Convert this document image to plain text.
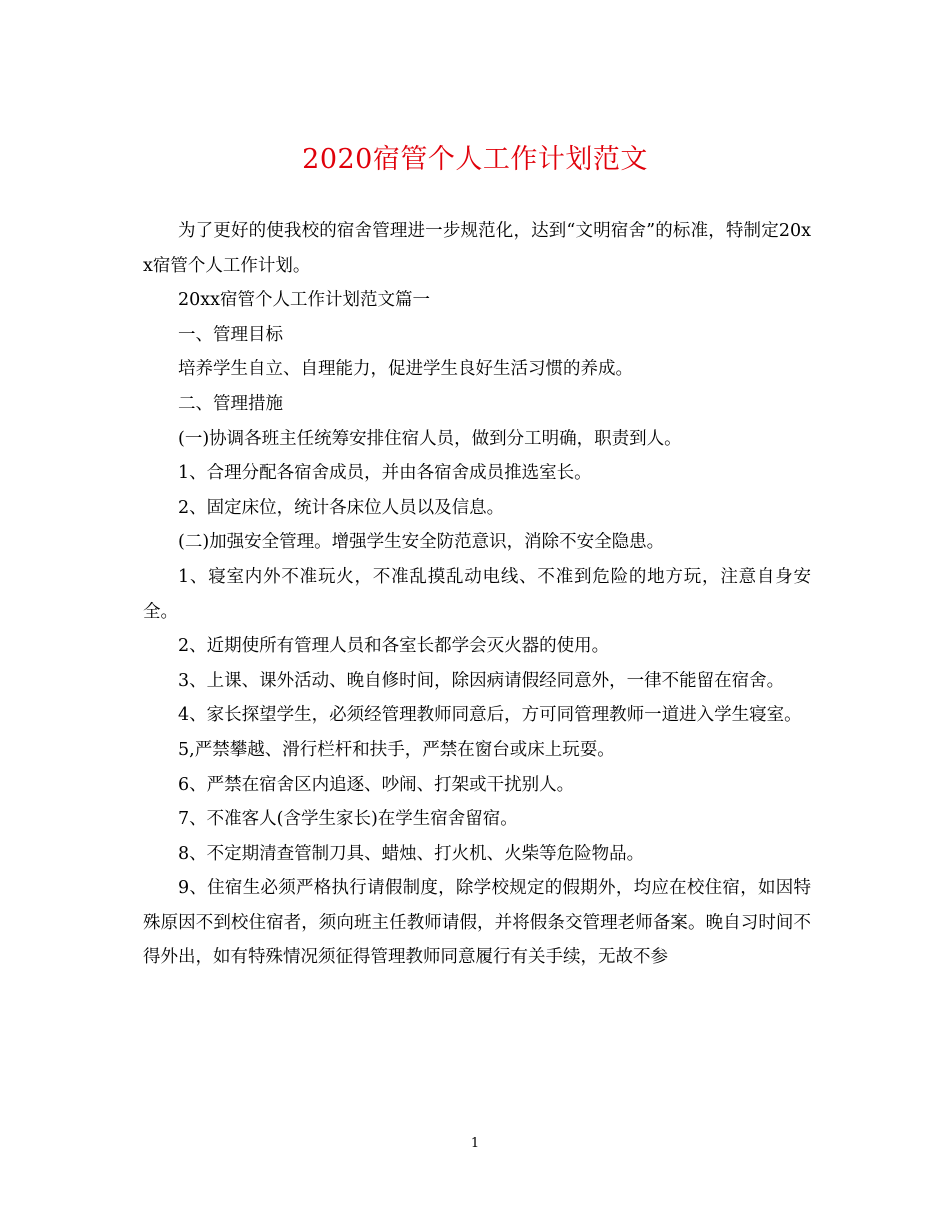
2020宿管个人工作计划范文

为了更好的使我校的宿舍管理进一步规范化，达到“文明宿舍”的标准，特制定20xx宿管个人工作计划。

20xx宿管个人工作计划范文篇一

一、管理目标

培养学生自立、自理能力，促进学生良好生活习惯的养成。

二、管理措施

(一)协调各班主任统筹安排住宿人员，做到分工明确，职责到人。

1、合理分配各宿舍成员，并由各宿舍成员推选室长。

2、固定床位，统计各床位人员以及信息。

(二)加强安全管理。增强学生安全防范意识，消除不安全隐患。

1、寝室内外不准玩火，不准乱摸乱动电线、不准到危险的地方玩，注意自身安全。

2、近期使所有管理人员和各室长都学会灭火器的使用。

3、上课、课外活动、晚自修时间，除因病请假经同意外，一律不能留在宿舍。

4、家长探望学生，必须经管理教师同意后，方可同管理教师一道进入学生寝室。

5,严禁攀越、滑行栏杆和扶手，严禁在窗台或床上玩耍。

6、严禁在宿舍区内追逐、吵闹、打架或干扰别人。

7、不准客人(含学生家长)在学生宿舍留宿。

8、不定期清查管制刀具、蜡烛、打火机、火柴等危险物品。

9、住宿生必须严格执行请假制度，除学校规定的假期外，均应在校住宿，如因特殊原因不到校住宿者，须向班主任教师请假，并将假条交管理老师备案。晚自习时间不得外出，如有特殊情况须征得管理教师同意履行有关手续，无故不参

1
